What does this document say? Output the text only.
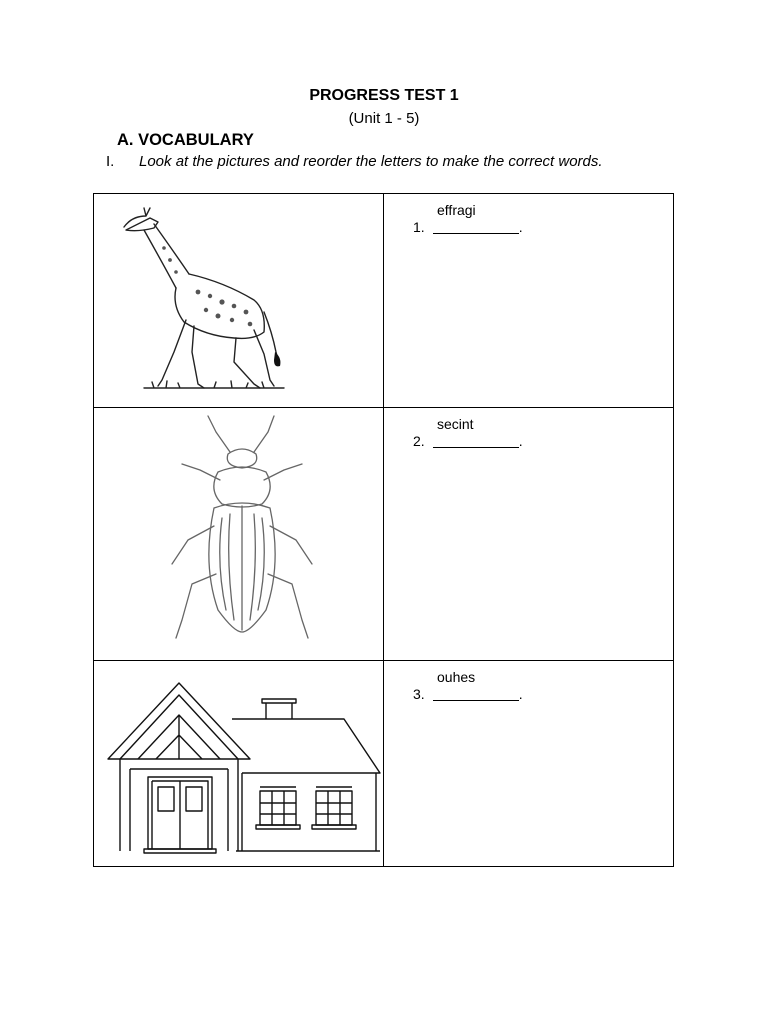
PROGRESS TEST 1
(Unit 1 - 5)
A. VOCABULARY
I. Look at the pictures and reorder the letters to make the correct words.

effragi
1. .

secint
2. .

ouhes
3. .
